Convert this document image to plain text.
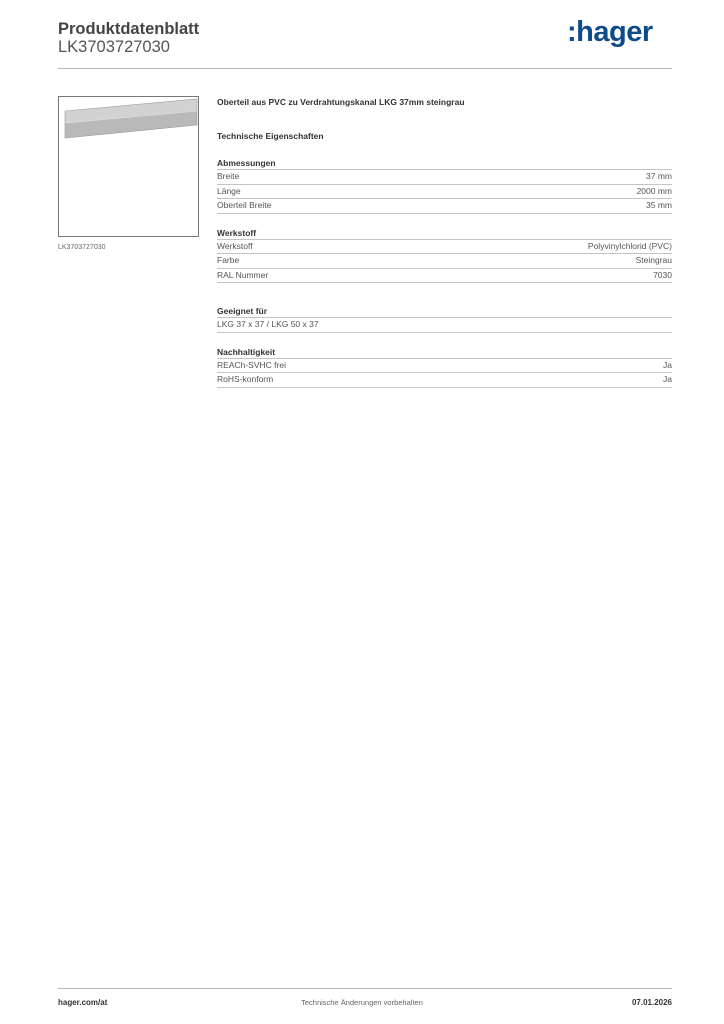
Produktdatenblatt
LK3703727030	:hager
LK3703727030
Oberteil aus PVC zu Verdrahtungskanal LKG 37mm steingrau
Technische Eigenschaften
Abmessungen
Breite	37 mm
Länge	2000 mm
Oberteil Breite	35 mm
Werkstoff
Werkstoff	Polyvinylchlorid (PVC)
Farbe	Steingrau
RAL Nummer	7030
Geeignet für
LKG 37 x 37 / LKG 50 x 37
Nachhaltigkeit
REACh-SVHC frei	Ja
RoHS-konform	Ja
hager.com/at	Technische Änderungen vorbehalten	07.01.2026
